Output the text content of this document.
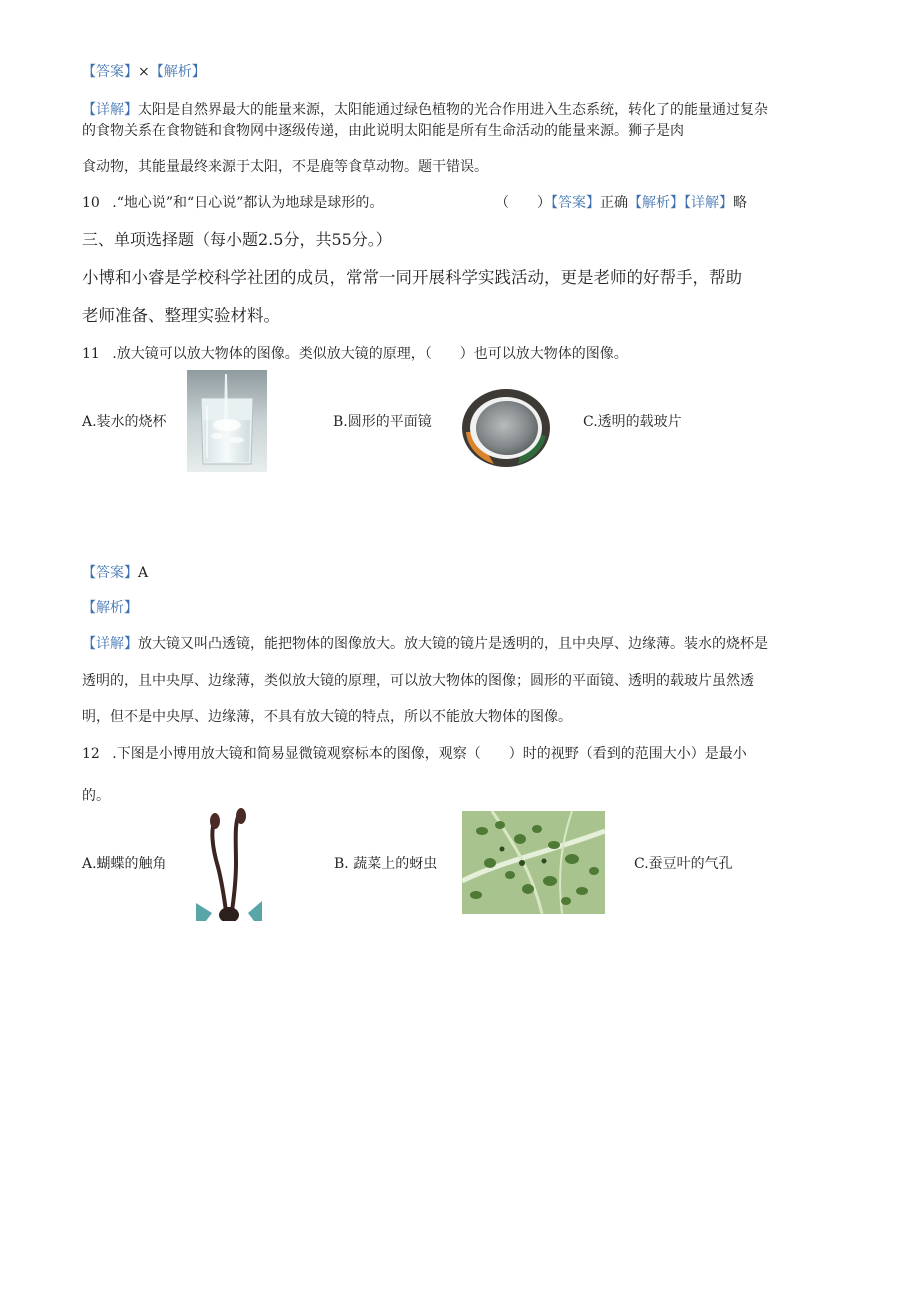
【答案】×【解析】
【详解】太阳是自然界最大的能量来源，太阳能通过绿色植物的光合作用进入生态系统，转化了的能量通过复杂
的食物关系在食物链和食物网中逐级传递，由此说明太阳能是所有生命活动的能量来源。狮子是肉
食动物，其能量最终来源于太阳，不是鹿等食草动物。题干错误。
10 .“地心说”和“日心说”都认为地球是球形的。	（　　）【答案】正确【解析】【详解】略
三、单项选择题（每小题2.5分，共55分。）
小博和小睿是学校科学社团的成员，常常一同开展科学实践活动，更是老师的好帮手，帮助
老师准备、整理实验材料。
11 .放大镜可以放大物体的图像。类似放大镜的原理，（　　）也可以放大物体的图像。
A.装水的烧杯	B.圆形的平面镜	C.透明的载玻片
【答案】A
【解析】
【详解】放大镜又叫凸透镜，能把物体的图像放大。放大镜的镜片是透明的，且中央厚、边缘薄。装水的烧杯是
透明的，且中央厚、边缘薄，类似放大镜的原理，可以放大物体的图像；圆形的平面镜、透明的载玻片虽然透
明，但不是中央厚、边缘薄，不具有放大镜的特点，所以不能放大物体的图像。
12 .下图是小博用放大镜和简易显微镜观察标本的图像，观察（　　）时的视野（看到的范围大小）是最小
的。
A.蝴蝶的触角	B. 蔬菜上的蚜虫	C.蚕豆叶的气孔
